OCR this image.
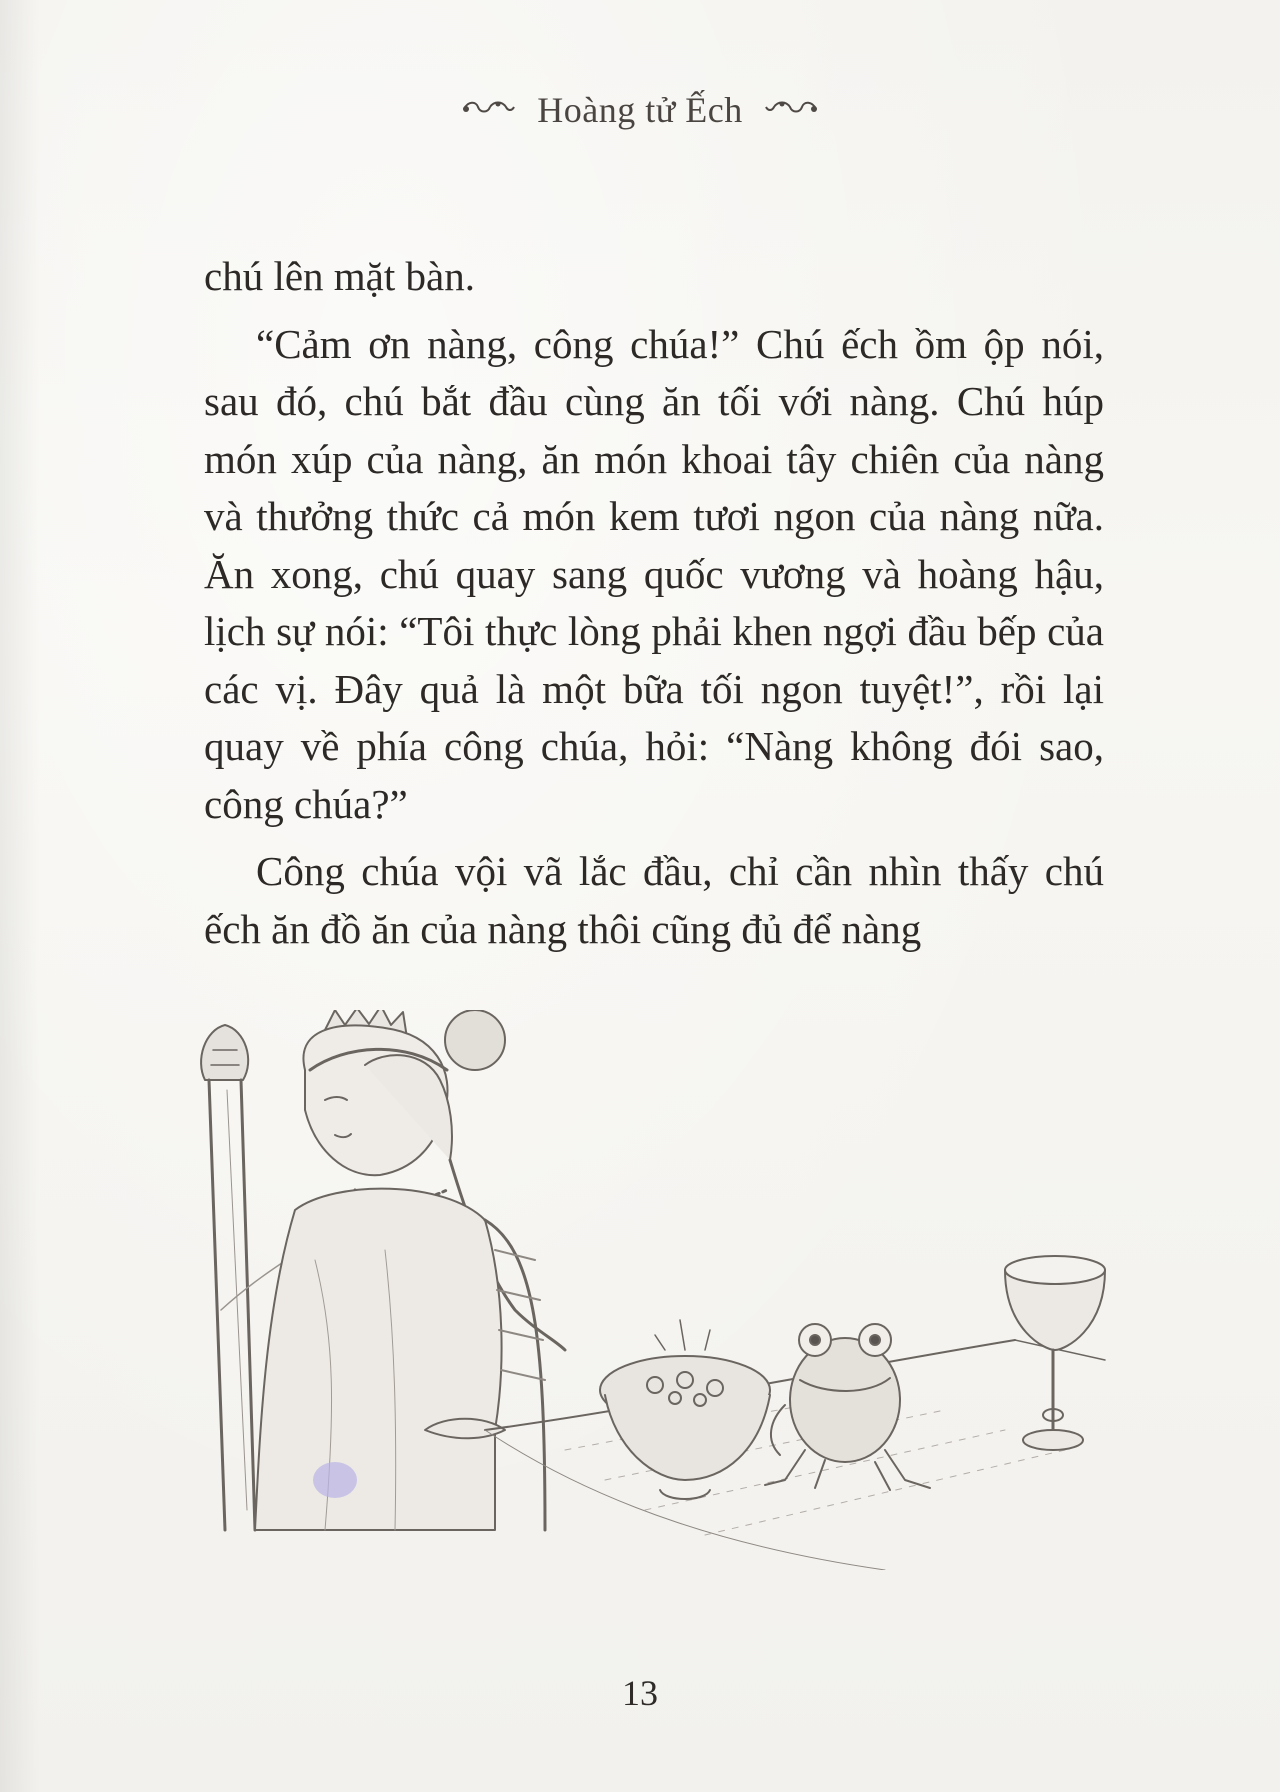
Hoàng tử Ếch

chú lên mặt bàn.

“Cảm ơn nàng, công chúa!” Chú ếch ồm ộp nói, sau đó, chú bắt đầu cùng ăn tối với nàng. Chú húp món xúp của nàng, ăn món khoai tây chiên của nàng và thưởng thức cả món kem tươi ngon của nàng nữa. Ăn xong, chú quay sang quốc vương và hoàng hậu, lịch sự nói: “Tôi thực lòng phải khen ngợi đầu bếp của các vị. Đây quả là một bữa tối ngon tuyệt!”, rồi lại quay về phía công chúa, hỏi: “Nàng không đói sao, công chúa?”

Công chúa vội vã lắc đầu, chỉ cần nhìn thấy chú ếch ăn đồ ăn của nàng thôi cũng đủ để nàng

13
